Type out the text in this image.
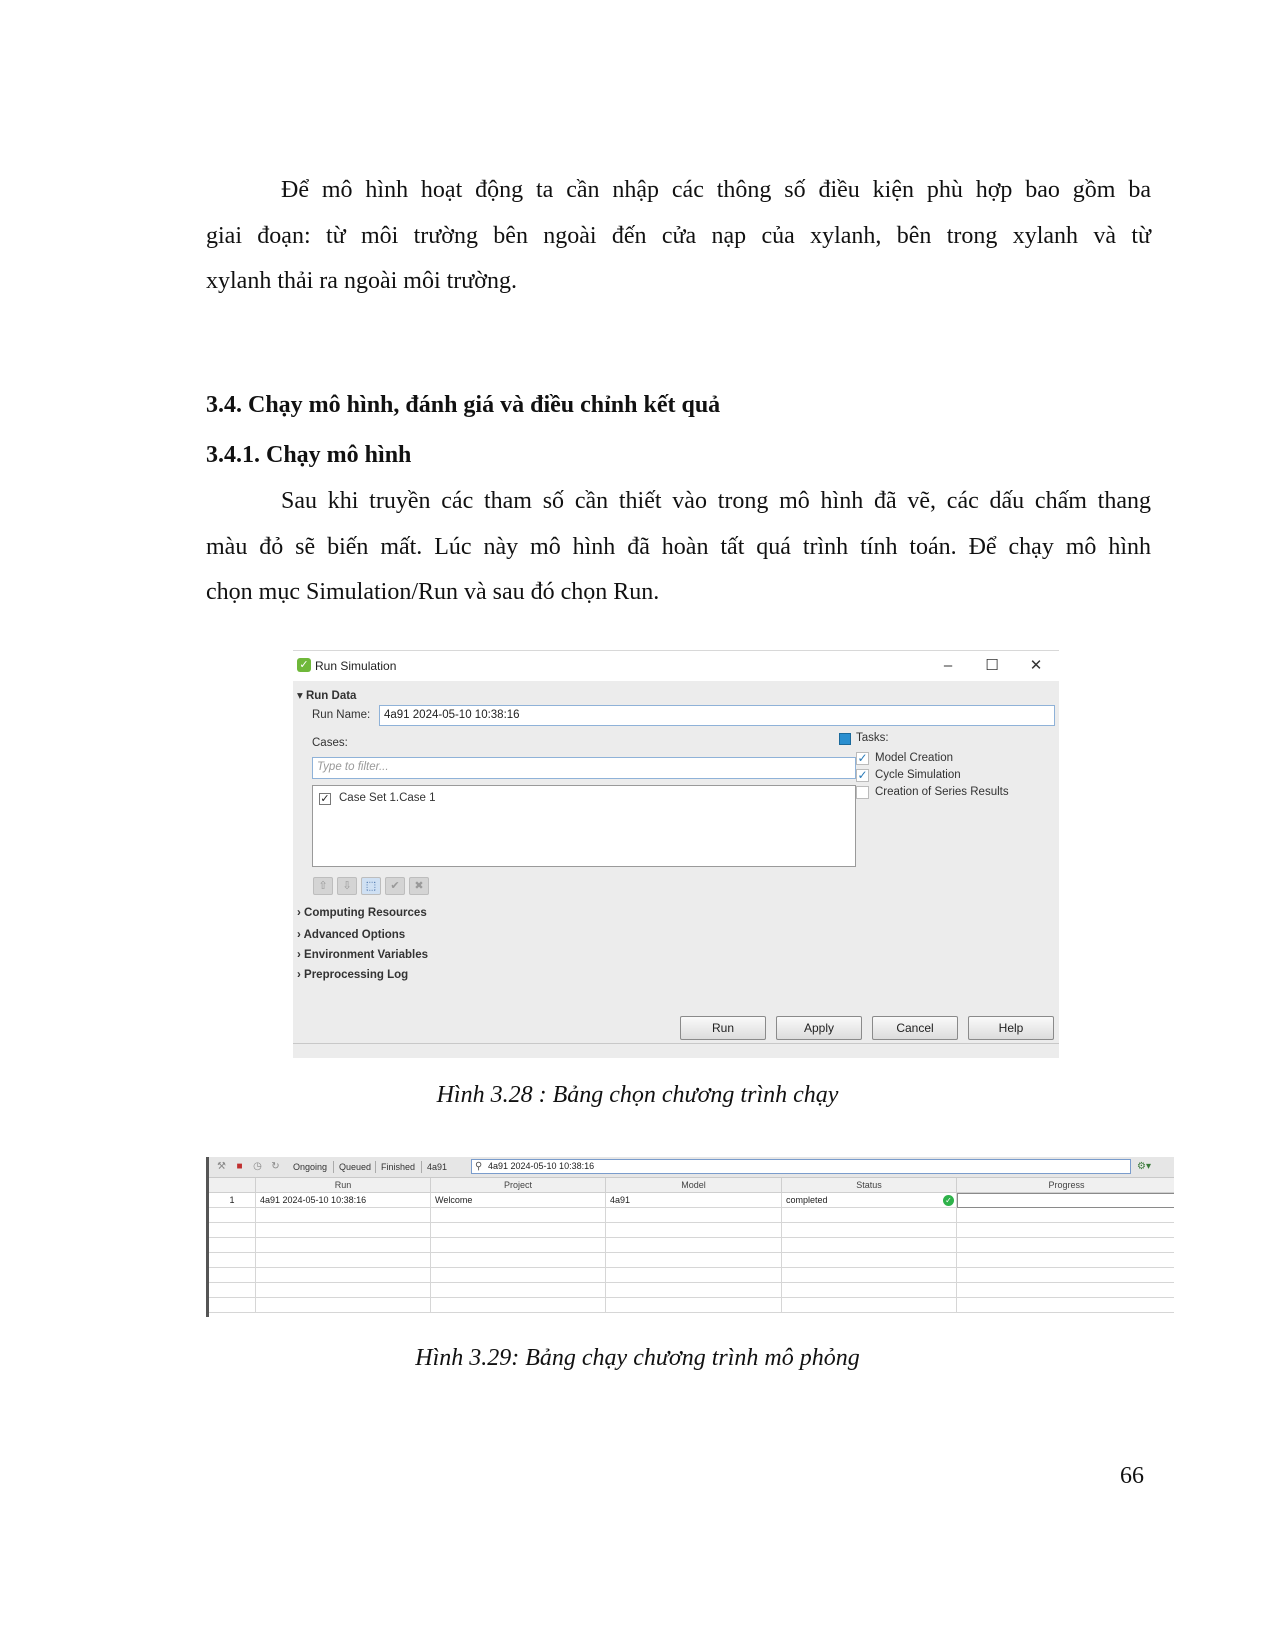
Để mô hình hoạt động ta cần nhập các thông số điều kiện phù hợp bao gồm ba
giai đoạn: từ môi trường bên ngoài đến cửa nạp của xylanh, bên trong xylanh và từ
xylanh thải ra ngoài môi trường.

3.4. Chạy mô hình, đánh giá và điều chỉnh kết quả
3.4.1. Chạy mô hình

Sau khi truyền các tham số cần thiết vào trong mô hình đã vẽ, các dấu chấm thang
màu đỏ sẽ biến mất. Lúc này mô hình đã hoàn tất quá trình tính toán. Để chạy mô hình
chọn mục Simulation/Run và sau đó chọn Run.

✓ Run Simulation	–	☐	✕
▾ Run Data
Run Name:	4a91 2024-05-10 10:38:16
Cases:
Type to filter...
✓ Case Set 1.Case 1
⇧	⇩	⬚	✔	✖
Tasks:
✓ Model Creation
✓ Cycle Simulation
Creation of Series Results
› Computing Resources
› Advanced Options
› Environment Variables
› Preprocessing Log
Run	Apply	Cancel	Help

Hình 3.28 : Bảng chọn chương trình chạy

⚒	■	◷ ↻ Ongoing Queued Finished 4a91	⚲ 4a91 2024-05-10 10:38:16	⚙▾
Run	Project	Model	Status	Progress
1	4a91 2024-05-10 10:38:16	Welcome	4a91	completed	✓

Hình 3.29: Bảng chạy chương trình mô phỏng

66
